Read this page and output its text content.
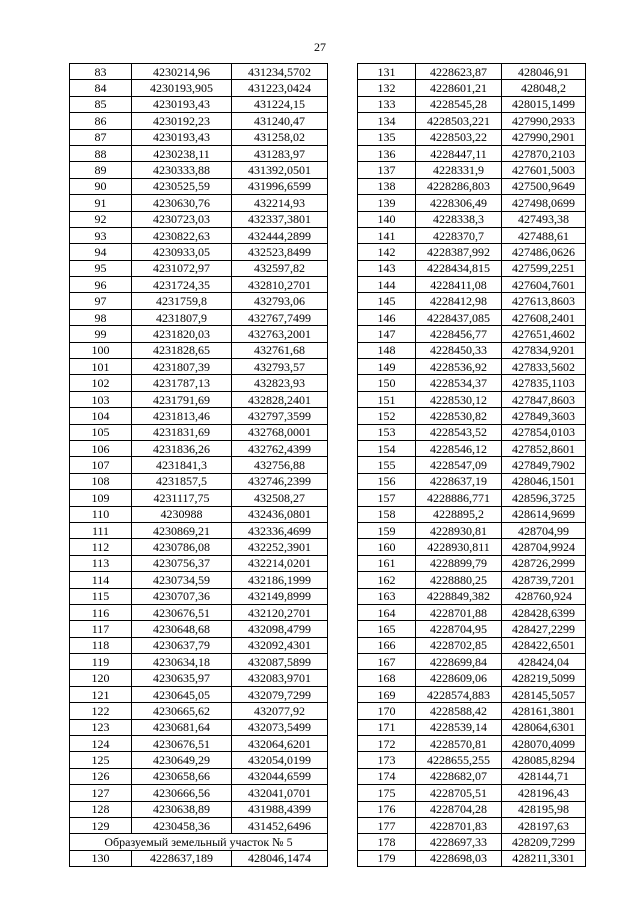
27
83	4230214,96	431234,5702
84	4230193,905	431223,0424
85	4230193,43	431224,15
86	4230192,23	431240,47
87	4230193,43	431258,02
88	4230238,11	431283,97
89	4230333,88	431392,0501
90	4230525,59	431996,6599
91	4230630,76	432214,93
92	4230723,03	432337,3801
93	4230822,63	432444,2899
94	4230933,05	432523,8499
95	4231072,97	432597,82
96	4231724,35	432810,2701
97	4231759,8	432793,06
98	4231807,9	432767,7499
99	4231820,03	432763,2001
100	4231828,65	432761,68
101	4231807,39	432793,57
102	4231787,13	432823,93
103	4231791,69	432828,2401
104	4231813,46	432797,3599
105	4231831,69	432768,0001
106	4231836,26	432762,4399
107	4231841,3	432756,88
108	4231857,5	432746,2399
109	4231117,75	432508,27
110	4230988	432436,0801
111	4230869,21	432336,4699
112	4230786,08	432252,3901
113	4230756,37	432214,0201
114	4230734,59	432186,1999
115	4230707,36	432149,8999
116	4230676,51	432120,2701
117	4230648,68	432098,4799
118	4230637,79	432092,4301
119	4230634,18	432087,5899
120	4230635,97	432083,9701
121	4230645,05	432079,7299
122	4230665,62	432077,92
123	4230681,64	432073,5499
124	4230676,51	432064,6201
125	4230649,29	432054,0199
126	4230658,66	432044,6599
127	4230666,56	432041,0701
128	4230638,89	431988,4399
129	4230458,36	431452,6496
Образуемый земельный участок № 5		
130	4228637,189	428046,1474
131	4228623,87	428046,91
132	4228601,21	428048,2
133	4228545,28	428015,1499
134	4228503,221	427990,2933
135	4228503,22	427990,2901
136	4228447,11	427870,2103
137	4228331,9	427601,5003
138	4228286,803	427500,9649
139	4228306,49	427498,0699
140	4228338,3	427493,38
141	4228370,7	427488,61
142	4228387,992	427486,0626
143	4228434,815	427599,2251
144	4228411,08	427604,7601
145	4228412,98	427613,8603
146	4228437,085	427608,2401
147	4228456,77	427651,4602
148	4228450,33	427834,9201
149	4228536,92	427833,5602
150	4228534,37	427835,1103
151	4228530,12	427847,8603
152	4228530,82	427849,3603
153	4228543,52	427854,0103
154	4228546,12	427852,8601
155	4228547,09	427849,7902
156	4228637,19	428046,1501
157	4228886,771	428596,3725
158	4228895,2	428614,9699
159	4228930,81	428704,99
160	4228930,811	428704,9924
161	4228899,79	428726,2999
162	4228880,25	428739,7201
163	4228849,382	428760,924
164	4228701,88	428428,6399
165	4228704,95	428427,2299
166	4228702,85	428422,6501
167	4228699,84	428424,04
168	4228609,06	428219,5099
169	4228574,883	428145,5057
170	4228588,42	428161,3801
171	4228539,14	428064,6301
172	4228570,81	428070,4099
173	4228655,255	428085,8294
174	4228682,07	428144,71
175	4228705,51	428196,43
176	4228704,28	428195,98
177	4228701,83	428197,63
178	4228697,33	428209,7299
179	4228698,03	428211,3301
